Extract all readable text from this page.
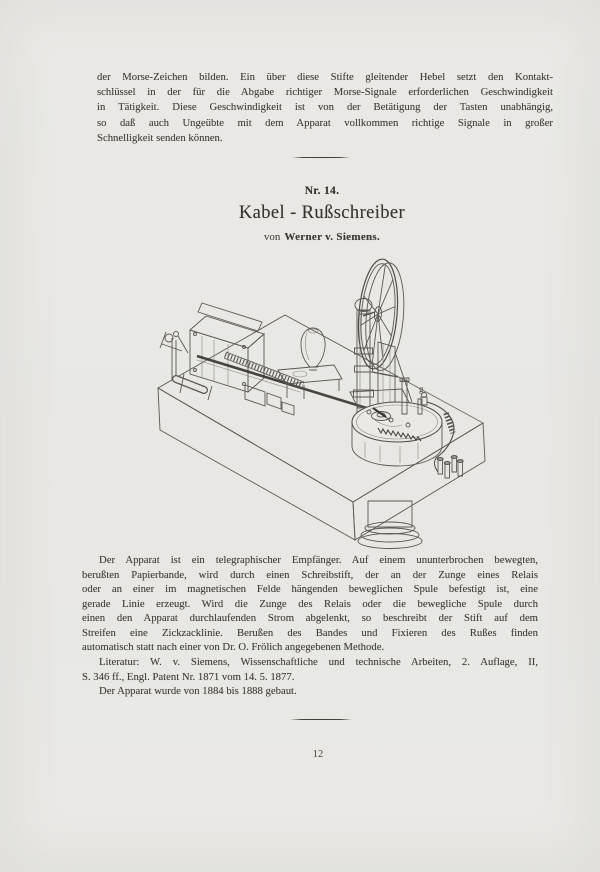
der Morse-Zeichen bilden. Ein über diese Stifte gleitender Hebel setzt den Kontakt-
schlüssel in der für die Abgabe richtiger Morse-Signale erforderlichen Geschwindigkeit
in Tätigkeit. Diese Geschwindigkeit ist von der Betätigung der Tasten unabhängig,
so daß auch Ungeübte mit dem Apparat vollkommen richtige Signale in großer
Schnelligkeit senden können.
Nr. 14.
Kabel - Rußschreiber
von Werner v. Siemens.
g
Der Apparat ist ein telegraphischer Empfänger. Auf einem ununterbrochen bewegten,
berußten Papierbande, wird durch einen Schreibstift, der an der Zunge eines Relais
oder an einer im magnetischen Felde hängenden beweglichen Spule befestigt ist, eine
gerade Linie erzeugt. Wird die Zunge des Relais oder die bewegliche Spule durch
einen den Apparat durchlaufenden Strom abgelenkt, so beschreibt der Stift auf dem
Streifen eine Zickzacklinie. Berußen des Bandes und Fixieren des Rußes finden
automatisch statt nach einer von Dr. O. Frölich angegebenen Methode.
Literatur: W. v. Siemens, Wissenschaftliche und technische Arbeiten, 2. Auflage, II,
S. 346 ff., Engl. Patent Nr. 1871 vom 14. 5. 1877.
Der Apparat wurde von 1884 bis 1888 gebaut.
12
